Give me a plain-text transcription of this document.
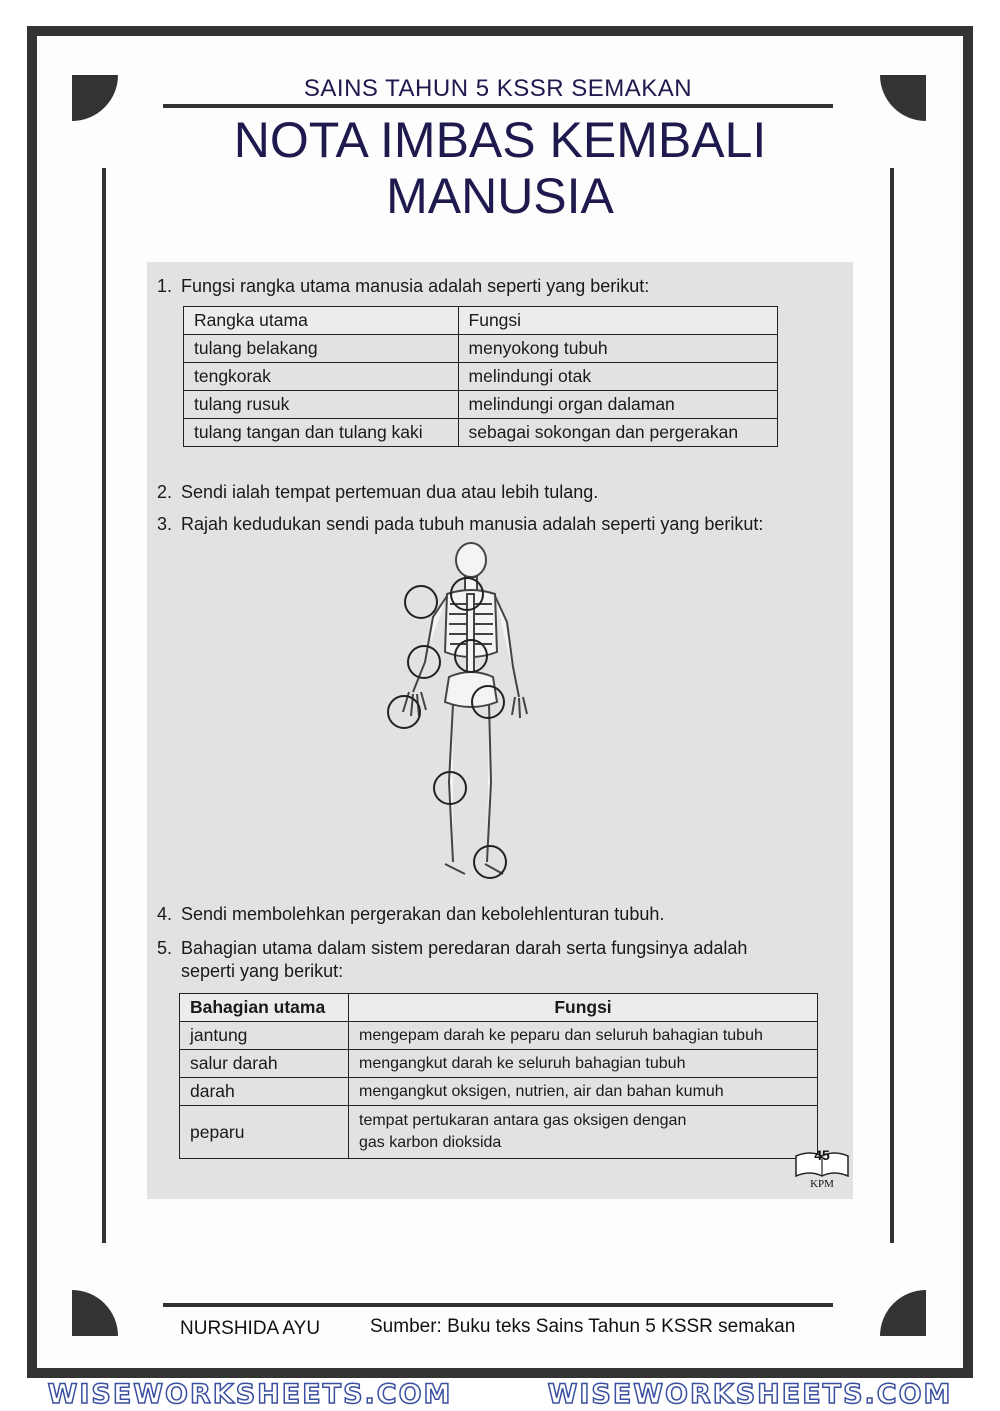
SAINS TAHUN 5 KSSR SEMAKAN
NOTA IMBAS KEMBALI
MANUSIA
1. Fungsi rangka utama manusia adalah seperti yang berikut:
Rangka utama	Fungsi
tulang belakang	menyokong tubuh
tengkorak	melindungi otak
tulang rusuk	melindungi organ dalaman
tulang tangan dan tulang kaki	sebagai sokongan dan pergerakan
2. Sendi ialah tempat pertemuan dua atau lebih tulang.
3. Rajah kedudukan sendi pada tubuh manusia adalah seperti yang berikut:
4. Sendi membolehkan pergerakan dan kebolehlenturan tubuh.
5. Bahagian utama dalam sistem peredaran darah serta fungsinya adalah
seperti yang berikut:
Bahagian utama	Fungsi
jantung	mengepam darah ke peparu dan seluruh bahagian tubuh
salur darah	mengangkut darah ke seluruh bahagian tubuh
darah	mengangkut oksigen, nutrien, air dan bahan kumuh
peparu	tempat pertukaran antara gas oksigen dengan
gas karbon dioksida
45
KPM
NURSHIDA AYU	Sumber: Buku teks Sains Tahun 5 KSSR semakan
WISEWORKSHEETS.COM	WISEWORKSHEETS.COM
